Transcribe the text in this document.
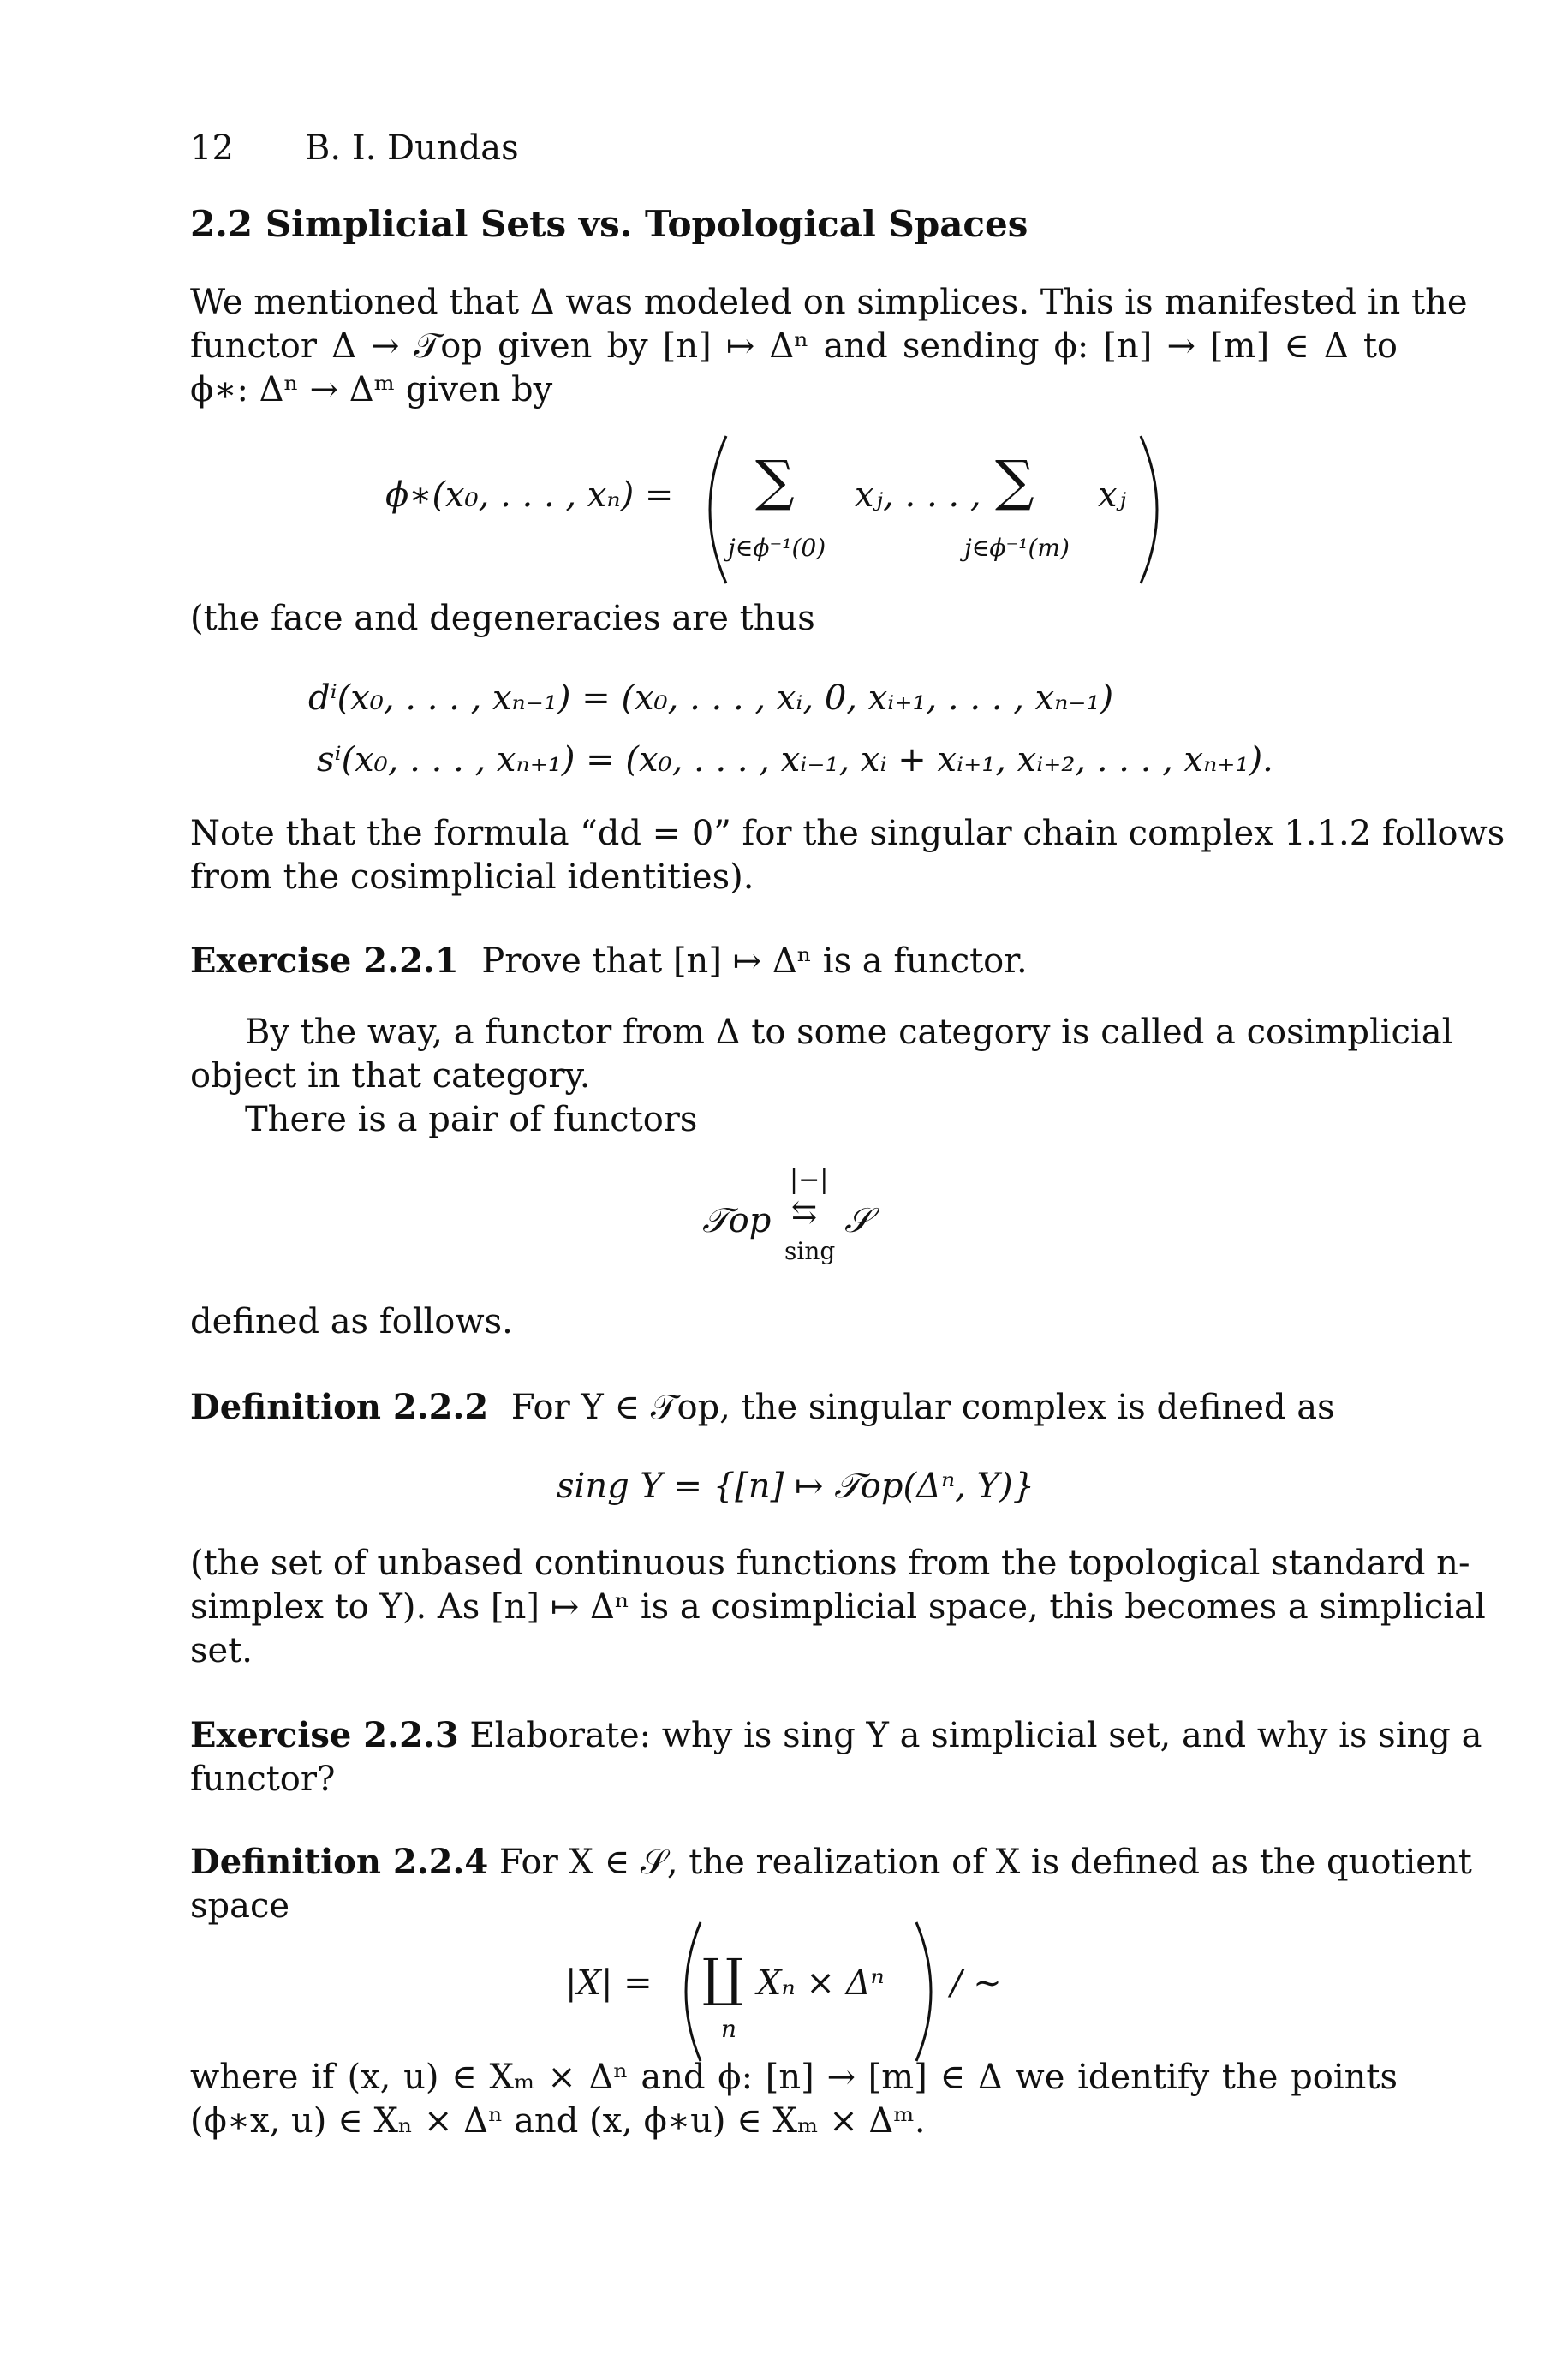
12 B. I. Dundas
2.2 Simplicial Sets vs. Topological Spaces
We mentioned that Δ was modeled on simplices. This is manifested in the
functor Δ → 𝒯op given by [n] ↦ Δⁿ and sending ϕ: [n] → [m] ∈ Δ to
ϕ∗: Δⁿ → Δᵐ given by
ϕ∗(x₀, . . . , xₙ) = ∑ xⱼ, . . . ,
j∈ϕ⁻¹(0)
∑ xⱼ
j∈ϕ⁻¹(m)
(the face and degeneracies are thus
dⁱ(x₀, . . . , xₙ₋₁) = (x₀, . . . , xᵢ, 0, xᵢ₊₁, . . . , xₙ₋₁)
sⁱ(x₀, . . . , xₙ₊₁) = (x₀, . . . , xᵢ₋₁, xᵢ + xᵢ₊₁, xᵢ₊₂, . . . , xₙ₊₁).
Note that the formula “dd = 0” for the singular chain complex 1.1.2 follows
from the cosimplicial identities).
Exercise 2.2.1 Prove that [n] ↦ Δⁿ is a functor.
By the way, a functor from Δ to some category is called a cosimplicial
object in that category.
There is a pair of functors
𝒯op
|−|
⇆ 𝒮
sing
defined as follows.
Definition 2.2.2 For Y ∈ 𝒯op, the singular complex is defined as
sing Y = {[n] ↦ 𝒯op(Δⁿ, Y)}
(the set of unbased continuous functions from the topological standard n-
simplex to Y). As [n] ↦ Δⁿ is a cosimplicial space, this becomes a simplicial
set.
Exercise 2.2.3 Elaborate: why is sing Y a simplicial set, and why is sing a
functor?
Definition 2.2.4 For X ∈ 𝒮, the realization of X is defined as the quotient
space
|X| = ∐
n
Xₙ × Δⁿ / ∼
where if (x, u) ∈ Xₘ × Δⁿ and ϕ: [n] → [m] ∈ Δ we identify the points
(ϕ∗x, u) ∈ Xₙ × Δⁿ and (x, ϕ∗u) ∈ Xₘ × Δᵐ.
